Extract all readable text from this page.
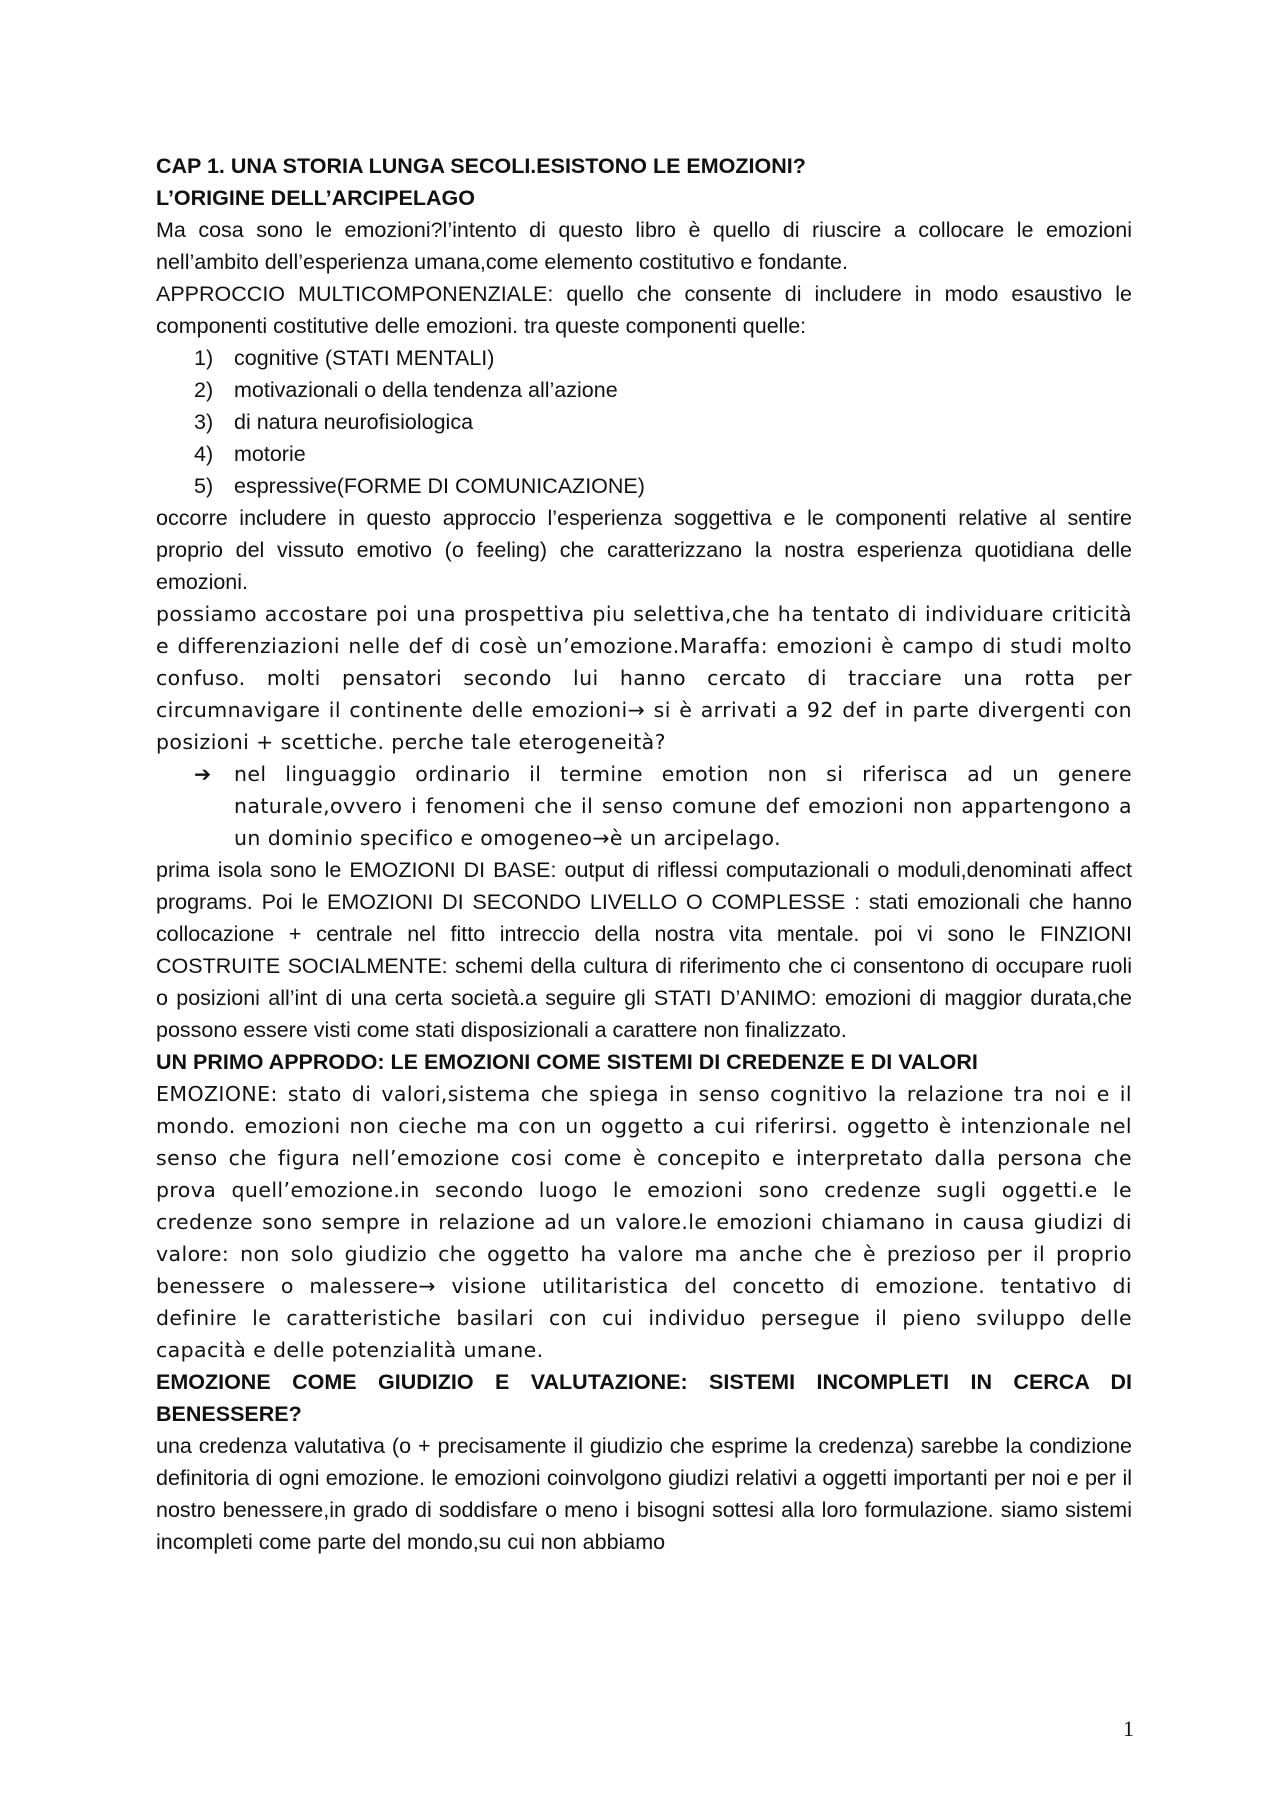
CAP 1. UNA STORIA LUNGA SECOLI.ESISTONO LE EMOZIONI?

L’ORIGINE DELL’ARCIPELAGO

Ma cosa sono le emozioni?l’intento di questo libro è quello di riuscire a collocare le emozioni nell’ambito dell’esperienza umana,come elemento costitutivo e fondante.

APPROCCIO MULTICOMPONENZIALE: quello che consente di includere in modo esaustivo le componenti costitutive delle emozioni. tra queste componenti quelle:

1) cognitive (STATI MENTALI)
2) motivazionali o della tendenza all’azione
3) di natura neurofisiologica
4) motorie
5) espressive(FORME DI COMUNICAZIONE)

occorre includere in questo approccio l’esperienza soggettiva e le componenti relative al sentire proprio del vissuto emotivo (o feeling) che caratterizzano la nostra esperienza quotidiana delle emozioni.

possiamo accostare poi una prospettiva piu selettiva,che ha tentato di individuare criticità e differenziazioni nelle def di cosè un’emozione.Maraffa: emozioni è campo di studi molto confuso. molti pensatori secondo lui hanno cercato di tracciare una rotta per circumnavigare il continente delle emozioni→ si è arrivati a 92 def in parte divergenti con posizioni + scettiche. perche tale eterogeneità?

➔ nel linguaggio ordinario il termine emotion non si riferisca ad un genere naturale,ovvero i fenomeni che il senso comune def emozioni non appartengono a un dominio specifico e omogeneo→è un arcipelago.

prima isola sono le EMOZIONI DI BASE: output di riflessi computazionali o moduli,denominati affect programs. Poi le EMOZIONI DI SECONDO LIVELLO O COMPLESSE : stati emozionali che hanno collocazione + centrale nel fitto intreccio della nostra vita mentale. poi vi sono le FINZIONI COSTRUITE SOCIALMENTE: schemi della cultura di riferimento che ci consentono di occupare ruoli o posizioni all’int di una certa società.a seguire gli STATI D’ANIMO: emozioni di maggior durata,che possono essere visti come stati disposizionali a carattere non finalizzato.

UN PRIMO APPRODO: LE EMOZIONI COME SISTEMI DI CREDENZE E DI VALORI

EMOZIONE: stato di valori,sistema che spiega in senso cognitivo la relazione tra noi e il mondo. emozioni non cieche ma con un oggetto a cui riferirsi. oggetto è intenzionale nel senso che figura nell’emozione cosi come è concepito e interpretato dalla persona che prova quell’emozione.in secondo luogo le emozioni sono credenze sugli oggetti.e le credenze sono sempre in relazione ad un valore.le emozioni chiamano in causa giudizi di valore: non solo giudizio che oggetto ha valore ma anche che è prezioso per il proprio benessere o malessere→ visione utilitaristica del concetto di emozione. tentativo di definire le caratteristiche basilari con cui individuo persegue il pieno sviluppo delle capacità e delle potenzialità umane.

EMOZIONE COME GIUDIZIO E VALUTAZIONE: SISTEMI INCOMPLETI IN CERCA DI BENESSERE?

una credenza valutativa (o + precisamente il giudizio che esprime la credenza) sarebbe la condizione definitoria di ogni emozione. le emozioni coinvolgono giudizi relativi a oggetti importanti per noi e per il nostro benessere,in grado di soddisfare o meno i bisogni sottesi alla loro formulazione. siamo sistemi incompleti come parte del mondo,su cui non abbiamo

1
